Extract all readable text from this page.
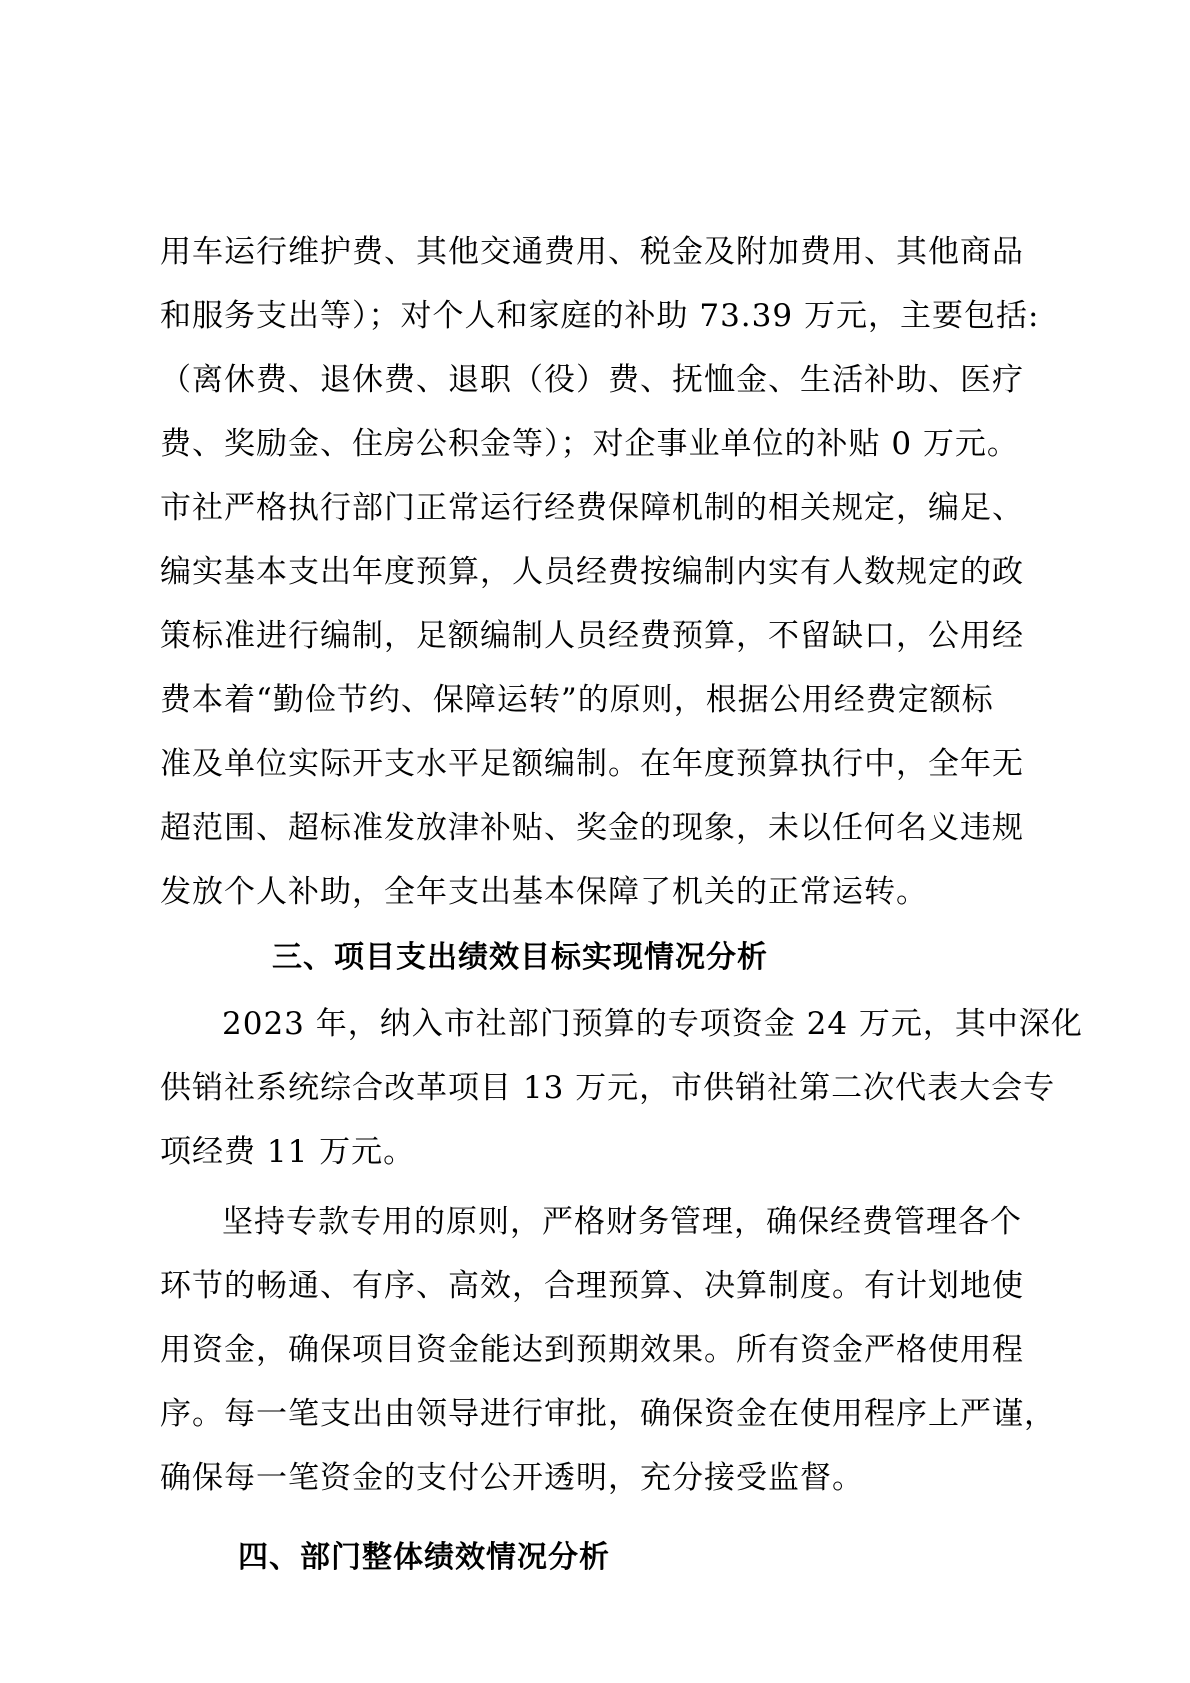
用车运行维护费、其他交通费用、税金及附加费用、其他商品
和服务支出等）；对个人和家庭的补助 73.39 万元，主要包括:
（离休费、退休费、退职（役）费、抚恤金、生活补助、医疗
费、奖励金、住房公积金等）；对企事业单位的补贴 0 万元。
市社严格执行部门正常运行经费保障机制的相关规定，编足、
编实基本支出年度预算，人员经费按编制内实有人数规定的政
策标准进行编制，足额编制人员经费预算，不留缺口，公用经
费本着“勤俭节约、保障运转”的原则，根据公用经费定额标
准及单位实际开支水平足额编制。在年度预算执行中，全年无
超范围、超标准发放津补贴、奖金的现象，未以任何名义违规
发放个人补助，全年支出基本保障了机关的正常运转。
三、项目支出绩效目标实现情况分析
2023 年，纳入市社部门预算的专项资金 24 万元，其中深化
供销社系统综合改革项目 13 万元，市供销社第二次代表大会专
项经费 11 万元。
坚持专款专用的原则，严格财务管理，确保经费管理各个
环节的畅通、有序、高效，合理预算、决算制度。有计划地使
用资金，确保项目资金能达到预期效果。所有资金严格使用程
序。每一笔支出由领导进行审批，确保资金在使用程序上严谨，
确保每一笔资金的支付公开透明，充分接受监督。
四、部门整体绩效情况分析
